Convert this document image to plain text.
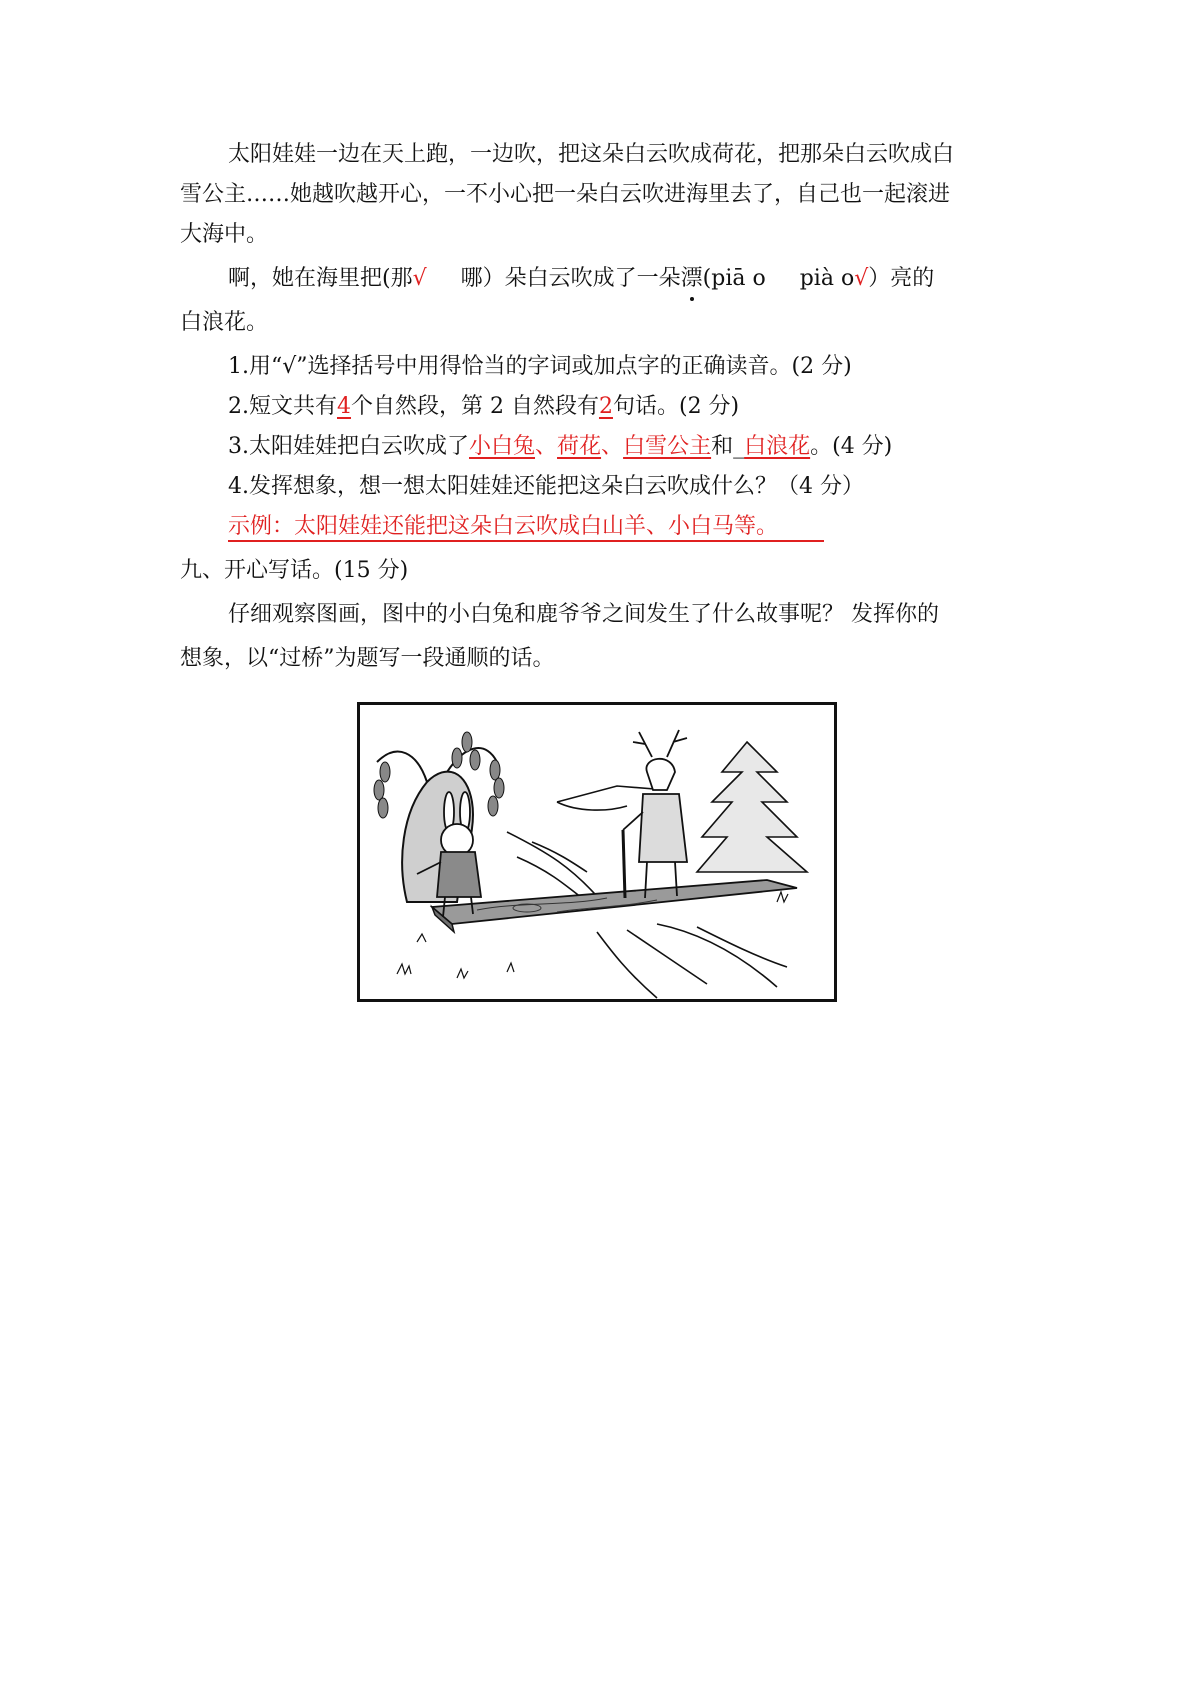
太阳娃娃一边在天上跑，一边吹，把这朵白云吹成荷花，把那朵白云吹成白
雪公主……她越吹越开心，一不小心把一朵白云吹进海里去了，自己也一起滚进
大海中。
啊，她在海里把(那√ 哪）朵白云吹成了一朵漂(piā o pià o√）亮的
白浪花。
1.用“√”选择括号中用得恰当的字词或加点字的正确读音。(2 分)
2.短文共有4个自然段，第 2 自然段有2句话。(2 分)
3.太阳娃娃把白云吹成了小白兔、荷花、白雪公主和_白浪花。(4 分)
4.发挥想象，想一想太阳娃娃还能把这朵白云吹成什么？（4 分）
示例：太阳娃娃还能把这朵白云吹成白山羊、小白马等。
九、开心写话。(15 分)
仔细观察图画，图中的小白兔和鹿爷爷之间发生了什么故事呢？ 发挥你的
想象，以“过桥”为题写一段通顺的话。
